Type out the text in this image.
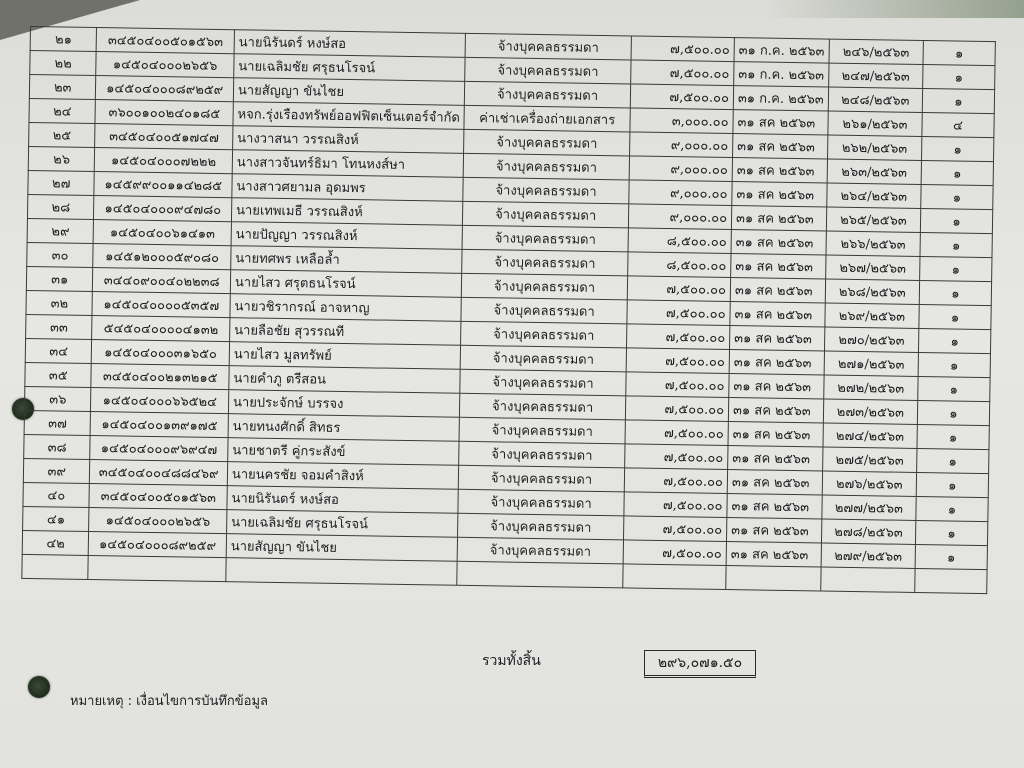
๒๑	๓๔๕๐๔๐๐๕๐๑๕๖๓	นายนิรันดร์ หงษ์สอ	จ้างบุคคลธรรมดา	๗,๕๐๐.๐๐	๓๑ ก.ค. ๒๕๖๓	๒๔๖/๒๕๖๓	๑
๒๒	๑๔๕๐๔๐๐๐๒๖๕๖	นายเฉลิมชัย ศรุธนโรจน์	จ้างบุคคลธรรมดา	๗,๕๐๐.๐๐	๓๑ ก.ค. ๒๕๖๓	๒๔๗/๒๕๖๓	๑
๒๓	๑๔๕๐๔๐๐๐๘๙๒๕๙	นายสัญญา ขันไชย	จ้างบุคคลธรรมดา	๗,๕๐๐.๐๐	๓๑ ก.ค. ๒๕๖๓	๒๔๘/๒๕๖๓	๑
๒๔	๓๖๐๐๑๐๐๒๔๐๑๘๕	หจก.รุ่งเรืองทรัพย์ออฟฟิตเซ็นเตอร์จำกัด	ค่าเช่าเครื่องถ่ายเอกสาร	๓,๐๐๐.๐๐	๓๑ สค ๒๕๖๓	๒๖๑/๒๕๖๓	๔
๒๕	๓๔๕๐๔๐๐๕๑๗๔๗	นางวาสนา วรรณสิงห์	จ้างบุคคลธรรมดา	๙,๐๐๐.๐๐	๓๑ สค ๒๕๖๓	๒๖๒/๒๕๖๓	๑
๒๖	๑๔๕๐๔๐๐๐๗๒๒๒	นางสาวจันทร์ธิมา โทนหงส์ษา	จ้างบุคคลธรรมดา	๙,๐๐๐.๐๐	๓๑ สค ๒๕๖๓	๒๖๓/๒๕๖๓	๑
๒๗	๑๔๕๙๙๐๐๑๑๔๒๘๕	นางสาวศยามล อุดมพร	จ้างบุคคลธรรมดา	๙,๐๐๐.๐๐	๓๑ สค ๒๕๖๓	๒๖๔/๒๕๖๓	๑
๒๘	๑๔๕๐๔๐๐๐๙๔๗๘๐	นายเทพเมธี วรรณสิงห์	จ้างบุคคลธรรมดา	๙,๐๐๐.๐๐	๓๑ สค ๒๕๖๓	๒๖๕/๒๕๖๓	๑
๒๙	๑๔๕๐๔๐๐๖๑๔๑๓	นายปัญญา วรรณสิงห์	จ้างบุคคลธรรมดา	๘,๕๐๐.๐๐	๓๑ สค ๒๕๖๓	๒๖๖/๒๕๖๓	๑
๓๐	๑๔๕๑๒๐๐๐๕๙๐๘๐	นายทศพร เหลือล้ำ	จ้างบุคคลธรรมดา	๘,๕๐๐.๐๐	๓๑ สค ๒๕๖๓	๒๖๗/๒๕๖๓	๑
๓๑	๓๔๔๐๙๐๐๔๐๒๒๓๘	นายไสว ศรุตธนโรจน์	จ้างบุคคลธรรมดา	๗,๕๐๐.๐๐	๓๑ สค ๒๕๖๓	๒๖๘/๒๕๖๓	๑
๓๒	๑๔๕๐๔๐๐๐๐๕๓๕๗	นายวชิรากรณ์ อาจหาญ	จ้างบุคคลธรรมดา	๗,๕๐๐.๐๐	๓๑ สค ๒๕๖๓	๒๖๙/๒๕๖๓	๑
๓๓	๕๔๕๐๔๐๐๐๐๔๑๓๒	นายลือชัย สุวรรณที	จ้างบุคคลธรรมดา	๗,๕๐๐.๐๐	๓๑ สค ๒๕๖๓	๒๗๐/๒๕๖๓	๑
๓๔	๑๔๕๐๔๐๐๐๓๑๖๕๐	นายไสว มูลทรัพย์	จ้างบุคคลธรรมดา	๗,๕๐๐.๐๐	๓๑ สค ๒๕๖๓	๒๗๑/๒๕๖๓	๑
๓๕	๓๔๕๐๔๐๐๒๑๓๒๑๕	นายคำภู ตรีสอน	จ้างบุคคลธรรมดา	๗,๕๐๐.๐๐	๓๑ สค ๒๕๖๓	๒๗๒/๒๕๖๓	๑
๓๖	๑๔๕๐๔๐๐๐๖๖๕๒๔	นายประจักษ์ บรรจง	จ้างบุคคลธรรมดา	๗,๕๐๐.๐๐	๓๑ สค ๒๕๖๓	๒๗๓/๒๕๖๓	๑
๓๗	๑๔๕๐๔๐๐๑๓๙๑๗๕	นายทนงศักดิ์ สิทธร	จ้างบุคคลธรรมดา	๗,๕๐๐.๐๐	๓๑ สค ๒๕๖๓	๒๗๔/๒๕๖๓	๑
๓๘	๑๔๕๐๔๐๐๐๙๖๙๔๗	นายชาตรี คู่กระสังข์	จ้างบุคคลธรรมดา	๗,๕๐๐.๐๐	๓๑ สค ๒๕๖๓	๒๗๕/๒๕๖๓	๑
๓๙	๓๔๕๐๔๐๐๔๘๘๔๖๙	นายนครชัย จอมคำสิงห์	จ้างบุคคลธรรมดา	๗,๕๐๐.๐๐	๓๑ สค ๒๕๖๓	๒๗๖/๒๕๖๓	๑
๔๐	๓๔๕๐๔๐๐๕๐๑๕๖๓	นายนิรันดร์ หงษ์สอ	จ้างบุคคลธรรมดา	๗,๕๐๐.๐๐	๓๑ สค ๒๕๖๓	๒๗๗/๒๕๖๓	๑
๔๑	๑๔๕๐๔๐๐๐๒๖๕๖	นายเฉลิมชัย ศรุธนโรจน์	จ้างบุคคลธรรมดา	๗,๕๐๐.๐๐	๓๑ สค ๒๕๖๓	๒๗๘/๒๕๖๓	๑
๔๒	๑๔๕๐๔๐๐๐๘๙๒๕๙	นายสัญญา ขันไชย	จ้างบุคคลธรรมดา	๗,๕๐๐.๐๐	๓๑ สค ๒๕๖๓	๒๗๙/๒๕๖๓	๑

รวมทั้งสิ้น	๒๙๖,๐๗๑.๕๐
หมายเหตุ : เงื่อนไขการบันทึกข้อมูล
